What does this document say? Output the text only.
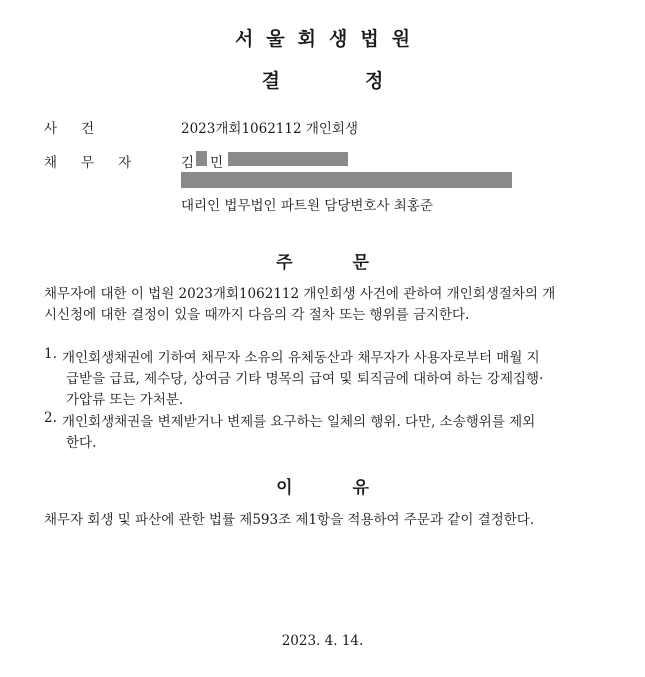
서울회생법원
결정
사건	2023개회1062112 개인회생
채무자 김 민
대리인 법무법인 파트원 담당변호사 최홍준
주문
채무자에 대한 이 법원 2023개회1062112 개인회생 사건에 관하여 개인회생절차의 개
시신청에 대한 결정이 있을 때까지 다음의 각 절차 또는 행위를 금지한다.
1. 개인회생채권에 기하여 채무자 소유의 유체동산과 채무자가 사용자로부터 매월 지
급받을 급료, 제수당, 상여금 기타 명목의 급여 및 퇴직금에 대하여 하는 강제집행·
가압류 또는 가처분.
2. 개인회생채권을 변제받거나 변제를 요구하는 일체의 행위. 다만, 소송행위를 제외
한다.
이유
채무자 회생 및 파산에 관한 법률 제593조 제1항을 적용하여 주문과 같이 결정한다.
2023. 4. 14.
